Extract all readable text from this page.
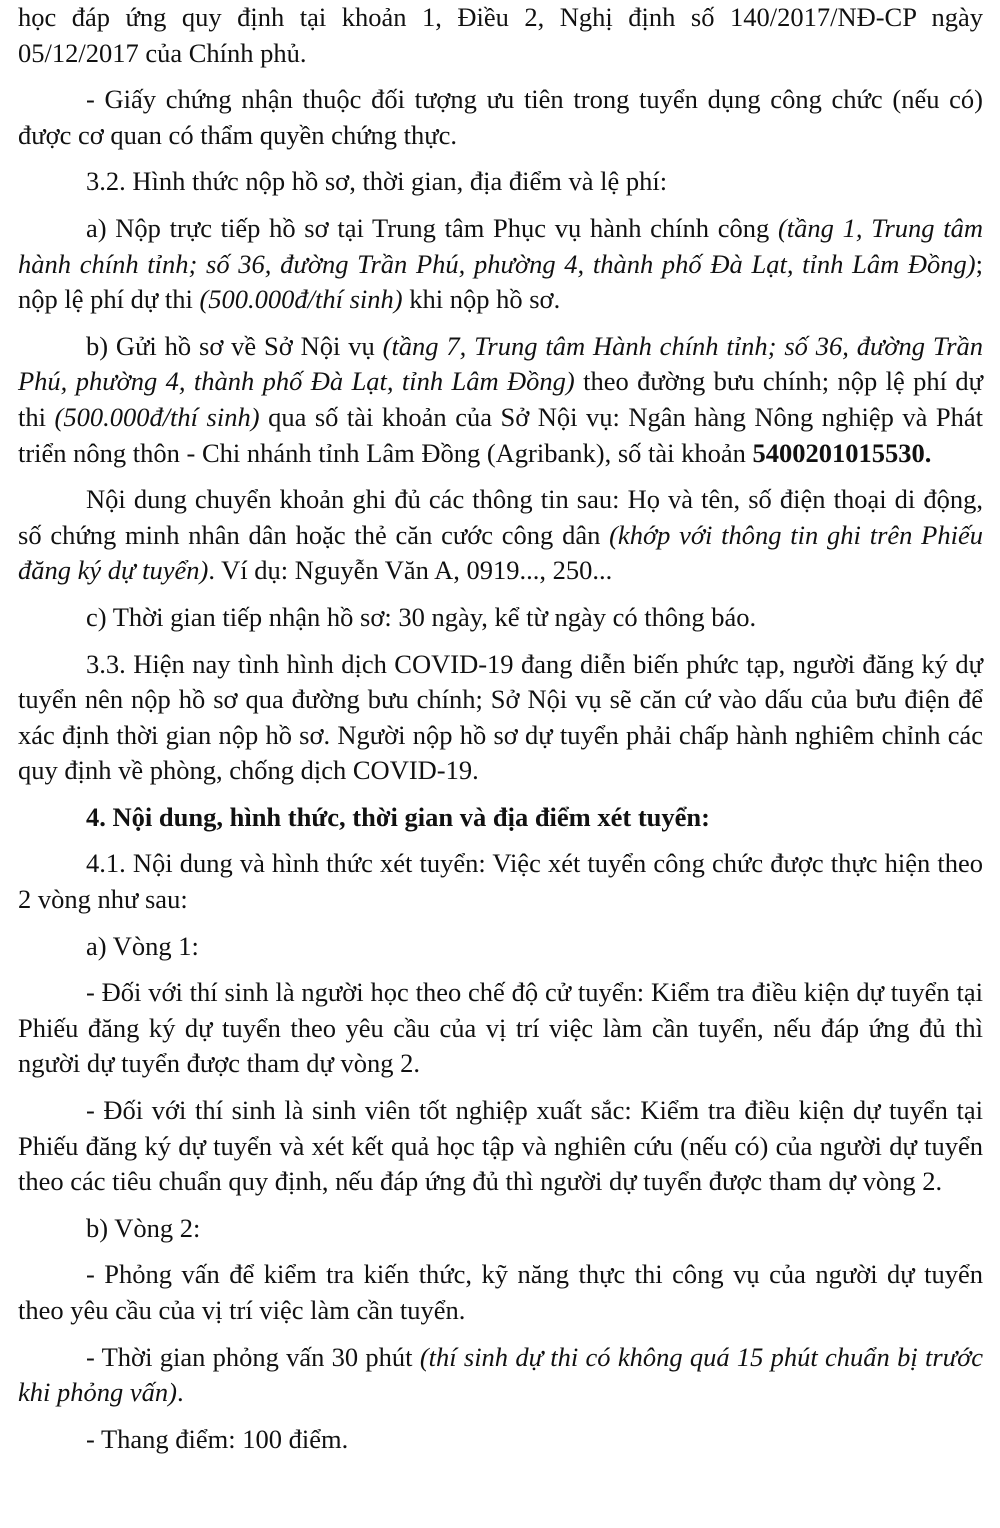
học đáp ứng quy định tại khoản 1, Điều 2, Nghị định số 140/2017/NĐ-CP ngày 05/12/2017 của Chính phủ.

- Giấy chứng nhận thuộc đối tượng ưu tiên trong tuyển dụng công chức (nếu có) được cơ quan có thẩm quyền chứng thực.

3.2. Hình thức nộp hồ sơ, thời gian, địa điểm và lệ phí:

a) Nộp trực tiếp hồ sơ tại Trung tâm Phục vụ hành chính công (tầng 1, Trung tâm hành chính tỉnh; số 36, đường Trần Phú, phường 4, thành phố Đà Lạt, tỉnh Lâm Đồng); nộp lệ phí dự thi (500.000đ/thí sinh) khi nộp hồ sơ.

b) Gửi hồ sơ về Sở Nội vụ (tầng 7, Trung tâm Hành chính tỉnh; số 36, đường Trần Phú, phường 4, thành phố Đà Lạt, tỉnh Lâm Đồng) theo đường bưu chính; nộp lệ phí dự thi (500.000đ/thí sinh) qua số tài khoản của Sở Nội vụ: Ngân hàng Nông nghiệp và Phát triển nông thôn - Chi nhánh tỉnh Lâm Đồng (Agribank), số tài khoản 5400201015530.

Nội dung chuyển khoản ghi đủ các thông tin sau: Họ và tên, số điện thoại di động, số chứng minh nhân dân hoặc thẻ căn cước công dân (khớp với thông tin ghi trên Phiếu đăng ký dự tuyển). Ví dụ: Nguyễn Văn A, 0919..., 250...

c) Thời gian tiếp nhận hồ sơ: 30 ngày, kể từ ngày có thông báo.

3.3. Hiện nay tình hình dịch COVID-19 đang diễn biến phức tạp, người đăng ký dự tuyển nên nộp hồ sơ qua đường bưu chính; Sở Nội vụ sẽ căn cứ vào dấu của bưu điện để xác định thời gian nộp hồ sơ. Người nộp hồ sơ dự tuyển phải chấp hành nghiêm chỉnh các quy định về phòng, chống dịch COVID-19.

4. Nội dung, hình thức, thời gian và địa điểm xét tuyển:

4.1. Nội dung và hình thức xét tuyển: Việc xét tuyển công chức được thực hiện theo 2 vòng như sau:

a) Vòng 1:

- Đối với thí sinh là người học theo chế độ cử tuyển: Kiểm tra điều kiện dự tuyển tại Phiếu đăng ký dự tuyển theo yêu cầu của vị trí việc làm cần tuyển, nếu đáp ứng đủ thì người dự tuyển được tham dự vòng 2.

- Đối với thí sinh là sinh viên tốt nghiệp xuất sắc: Kiểm tra điều kiện dự tuyển tại Phiếu đăng ký dự tuyển và xét kết quả học tập và nghiên cứu (nếu có) của người dự tuyển theo các tiêu chuẩn quy định, nếu đáp ứng đủ thì người dự tuyển được tham dự vòng 2.

b) Vòng 2:

- Phỏng vấn để kiểm tra kiến thức, kỹ năng thực thi công vụ của người dự tuyển theo yêu cầu của vị trí việc làm cần tuyển.

- Thời gian phỏng vấn 30 phút (thí sinh dự thi có không quá 15 phút chuẩn bị trước khi phỏng vấn).

- Thang điểm: 100 điểm.
